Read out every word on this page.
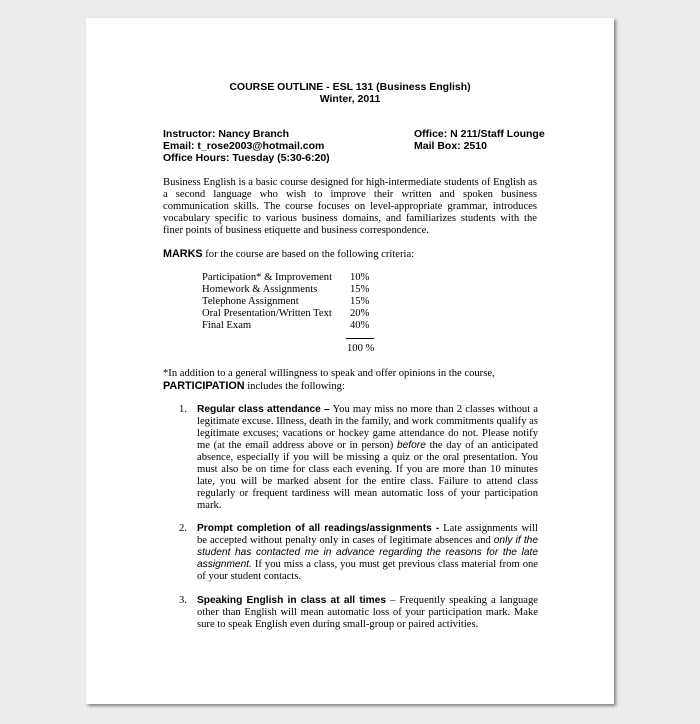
COURSE OUTLINE - ESL 131 (Business English)
Winter, 2011
Instructor: Nancy Branch
Email: t_rose2003@hotmail.com
Office Hours: Tuesday (5:30-6:20)
Office: N 211/Staff Lounge
Mail Box: 2510
Business English is a basic course designed for high-intermediate students of English as a second language who wish to improve their written and spoken business communication skills. The course focuses on level-appropriate grammar, introduces vocabulary specific to various business domains, and familiarizes students with the finer points of business etiquette and business correspondence.
MARKS for the course are based on the following criteria:
Participation* & Improvement 10%
Homework & Assignments	15%
Telephone Assignment	15%
Oral Presentation/Written Text 20%
Final Exam	40%
100 %
*In addition to a general willingness to speak and offer opinions in the course,
PARTICIPATION includes the following:
1. Regular class attendance – You may miss no more than 2 classes without a legitimate excuse. Illness, death in the family, and work commitments qualify as legitimate excuses; vacations or hockey game attendance do not. Please notify me (at the email address above or in person) before the day of an anticipated absence, especially if you will be missing a quiz or the oral presentation. You must also be on time for class each evening. If you are more than 10 minutes late, you will be marked absent for the entire class. Failure to attend class regularly or frequent tardiness will mean automatic loss of your participation mark.
2. Prompt completion of all readings/assignments - Late assignments will be accepted without penalty only in cases of legitimate absences and only if the student has contacted me in advance regarding the reasons for the late assignment. If you miss a class, you must get previous class material from one of your student contacts.
3. Speaking English in class at all times – Frequently speaking a language other than English will mean automatic loss of your participation mark. Make sure to speak English even during small-group or paired activities.
